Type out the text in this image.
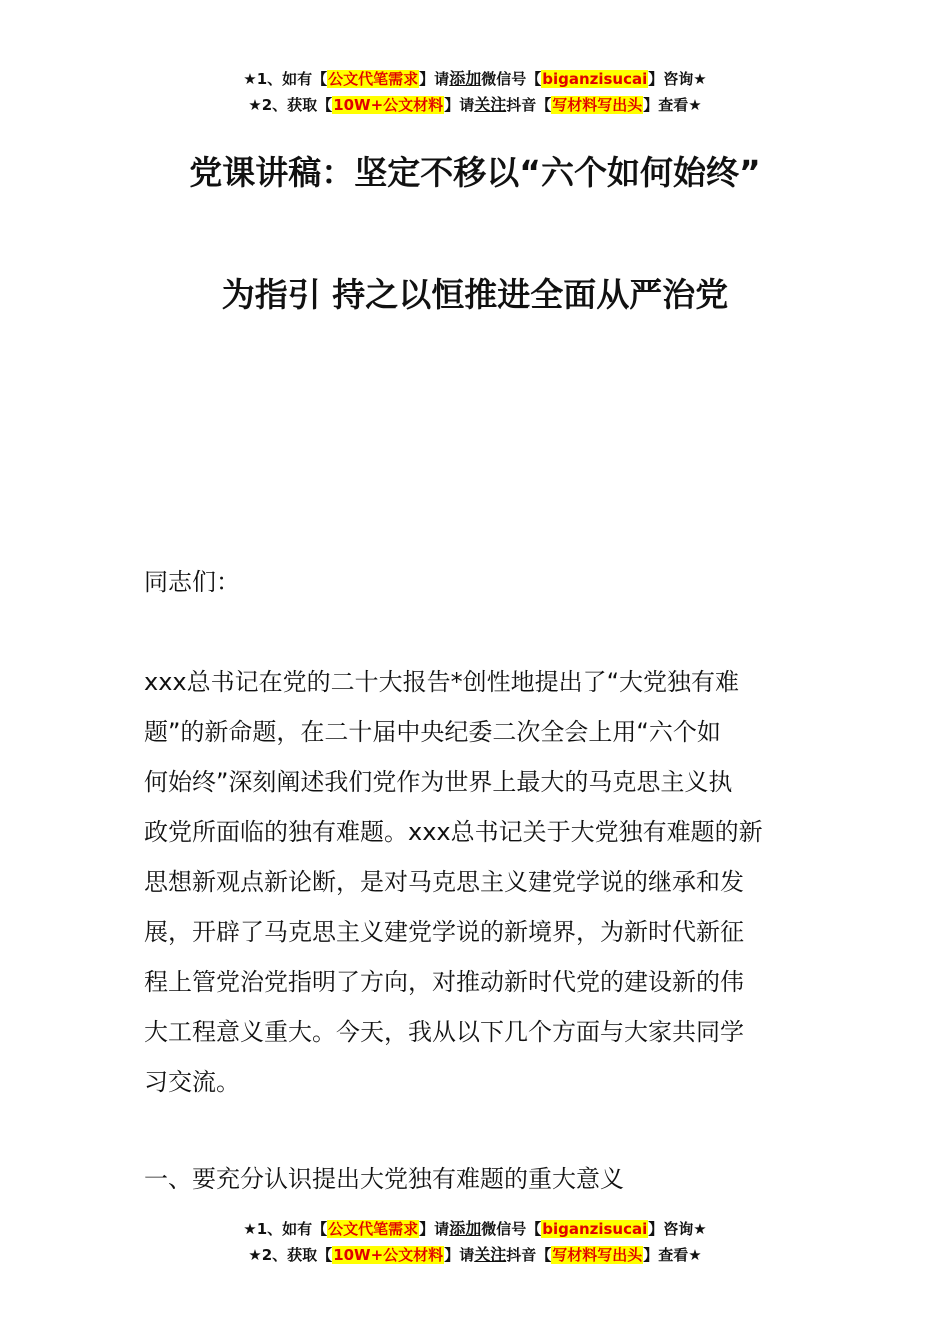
★1、如有【公文代笔需求】请添加微信号【biganzisucai】咨询★
★2、获取【10W+公文材料】请关注抖音【写材料写出头】查看★
党课讲稿：坚定不移以“六个如何始终”
为指引 持之以恒推进全面从严治党

同志们：

xxx总书记在党的二十大报告*创性地提出了“大党独有难
题”的新命题，在二十届中央纪委二次全会上用“六个如
何始终”深刻阐述我们党作为世界上最大的马克思主义执
政党所面临的独有难题。xxx总书记关于大党独有难题的新
思想新观点新论断，是对马克思主义建党学说的继承和发
展，开辟了马克思主义建党学说的新境界，为新时代新征
程上管党治党指明了方向，对推动新时代党的建设新的伟
大工程意义重大。今天，我从以下几个方面与大家共同学
习交流。

一、要充分认识提出大党独有难题的重大意义

★1、如有【公文代笔需求】请添加微信号【biganzisucai】咨询★
★2、获取【10W+公文材料】请关注抖音【写材料写出头】查看★
